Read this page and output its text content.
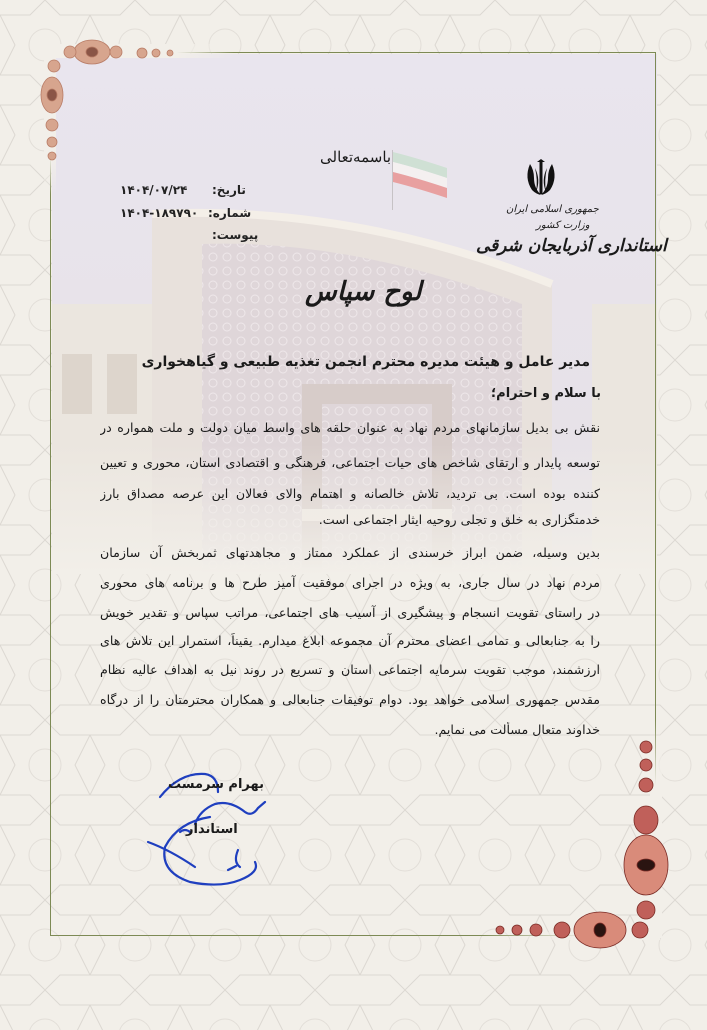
باسمه‌تعالی
جمهوری اسلامی ایران
وزارت کشور
استانداری آذربایجان شرقی
تاریخ:
۱۴۰۴/۰۷/۲۴
شماره:
۱۴۰۴-۱۸۹۷۹۰
پیوست:
لوح سپاس
مدیر عامل و هیئت مدیره محترم انجمن تغذیه طبیعی و گیاهخواری
با سلام و احترام؛
نقش بی بدیل سازمانهای مردم نهاد به عنوان حلقه های واسط میان دولت و ملت همواره در
توسعه پایدار و ارتقای شاخص های حیات اجتماعی، فرهنگی و اقتصادی استان، محوری و تعیین
کننده بوده است. بی تردید، تلاش خالصانه و اهتمام والای فعالان این عرصه مصداق بارز
خدمتگزاری به خلق و تجلی روحیه ایثار اجتماعی است.
بدین وسیله، ضمن ابراز خرسندی از عملکرد ممتاز و مجاهدتهای ثمربخش آن سازمان
مردم نهاد در سال جاری، به ویژه در اجرای موفقیت آمیز طرح ها و برنامه های محوری
در راستای تقویت انسجام و پیشگیری از آسیب های اجتماعی، مراتب سپاس و تقدیر خویش
را به جنابعالی و تمامی اعضای محترم آن مجموعه ابلاغ میدارم. یقیناً، استمرار این تلاش های
ارزشمند، موجب تقویت سرمایه اجتماعی استان و تسریع در روند نیل به اهداف عالیه نظام
مقدس جمهوری اسلامی خواهد بود. دوام توفیقات جنابعالی و همکاران محترمتان را از درگاه
خداوند متعال مسألت می نمایم.
بهرام سرمست
استاندار
